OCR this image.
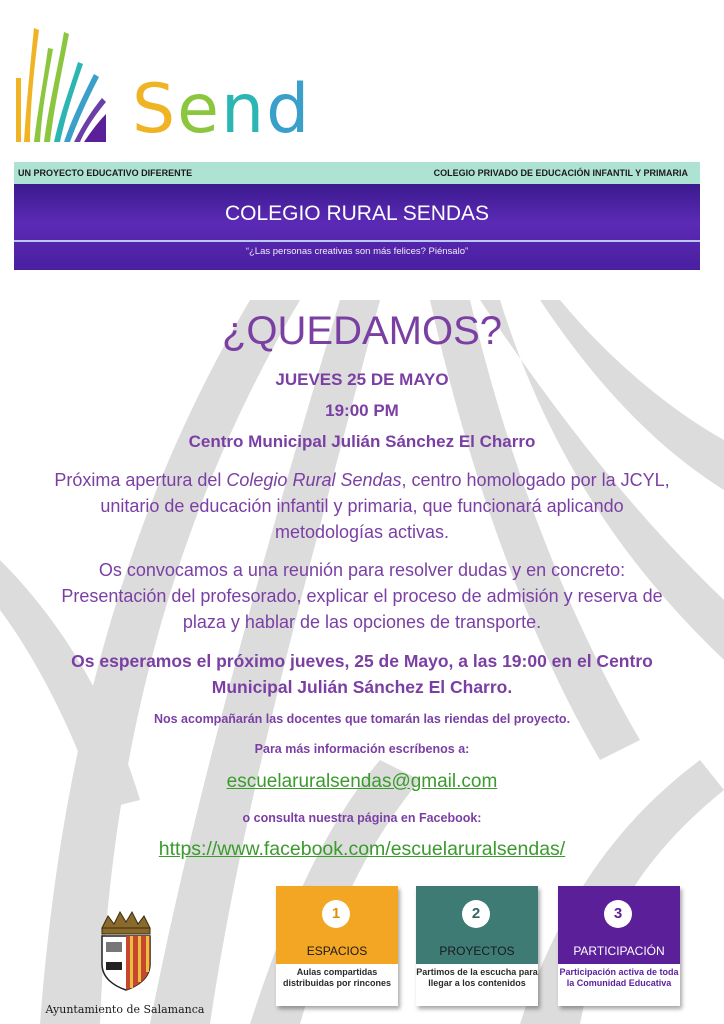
Send
UN PROYECTO EDUCATIVO DIFERENTE	COLEGIO PRIVADO DE EDUCACIÓN INFANTIL Y PRIMARIA
COLEGIO RURAL SENDAS
“¿Las personas creativas son más felices? Piénsalo”
¿QUEDAMOS?
JUEVES 25 DE MAYO
19:00 PM
Centro Municipal Julián Sánchez El Charro
Próxima apertura del Colegio Rural Sendas, centro homologado por la JCYL, unitario de educación infantil y primaria, que funcionará aplicando metodologías activas.
Os convocamos a una reunión para resolver dudas y en concreto: Presentación del profesorado, explicar el proceso de admisión y reserva de plaza y hablar de las opciones de transporte.
Os esperamos el próximo jueves, 25 de Mayo, a las 19:00 en el Centro Municipal Julián Sánchez El Charro.
Nos acompañarán las docentes que tomarán las riendas del proyecto.
Para más información escríbenos a:
escuelaruralsendas@gmail.com
o consulta nuestra página en Facebook:
https://www.facebook.com/escuelaruralsendas/
Ayuntamiento de Salamanca
1
ESPACIOS
Aulas compartidas distribuidas por rincones
2
PROYECTOS
Partimos de la escucha para llegar a los contenidos
3
PARTICIPACIÓN
Participación activa de toda la Comunidad Educativa
